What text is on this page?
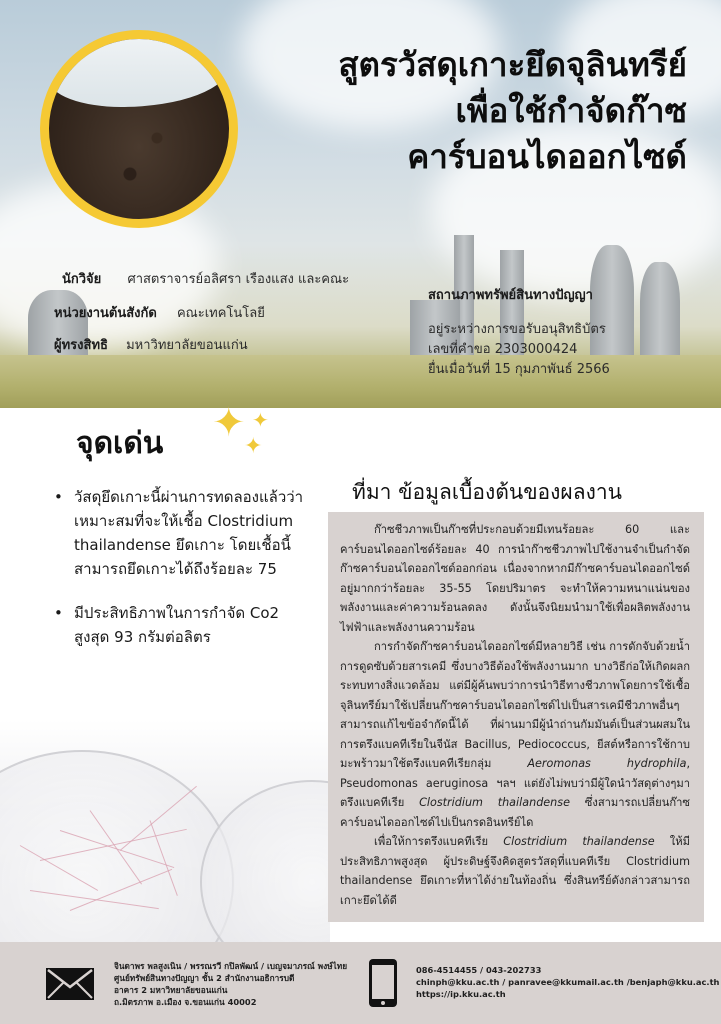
สูตรวัสดุเกาะยึดจุลินทรีย์
เพื่อใช้กำจัดก๊าซ
คาร์บอนไดออกไซด์
นักวิจัย ศาสตราจารย์อลิศรา เรืองแสง และคณะ
หน่วยงานต้นสังกัด คณะเทคโนโลยี
ผู้ทรงสิทธิ มหาวิทยาลัยขอนแก่น
สถานภาพทรัพย์สินทางปัญญา
อยู่ระหว่างการขอรับอนุสิทธิบัตร
เลขที่คำขอ 2303000424
ยื่นเมื่อวันที่ 15 กุมภาพันธ์ 2566
จุดเด่น ✦ ✦
✦
• วัสดุยึดเกาะนี้ผ่านการทดลองแล้วว่าเหมาะสมที่จะให้เชื้อ Clostridium thailandense ยึดเกาะ โดยเชื้อนี้สามารถยึดเกาะได้ถึงร้อยละ 75
• มีประสิทธิภาพในการกำจัด Co2 สูงสุด 93 กรัมต่อลิตร
ที่มา ข้อมูลเบื้องต้นของผลงาน

ก๊าซชีวภาพเป็นก๊าซที่ประกอบด้วยมีเทนร้อยละ 60 และคาร์บอนไดออกไซด์ร้อยละ 40 การนำก๊าซชีวภาพไปใช้งานจำเป็นกำจัดก๊าซคาร์บอนไดออกไซด์ออกก่อน เนื่องจากหากมีก๊าซคาร์บอนไดออกไซด์อยู่มากกว่าร้อยละ 35-55 โดยปริมาตร จะทำให้ความหนาแน่นของพลังงานและค่าความร้อนลดลง ดังนั้นจึงนิยมนำมาใช้เพื่อผลิตพลังงานไฟฟ้าและพลังงานความร้อน

การกำจัดก๊าซคาร์บอนไดออกไซด์มีหลายวิธี เช่น การดักจับด้วยน้ำ การดูดซับด้วยสารเคมี ซึ่งบางวิธีต้องใช้พลังงานมาก บางวิธีก่อให้เกิดผลกระทบทางสิ่งแวดล้อม แต่มีผู้ค้นพบว่าการนำวิธีทางชีวภาพโดยการใช้เชื้อจุลินทรีย์มาใช้เปลี่ยนก๊าซคาร์บอนไดออกไซด์ไปเป็นสารเคมีชีวภาพอื่นๆ สามารถแก้ไขข้อจำกัดนี้ได้ ที่ผ่านมามีผู้นำถ่านกัมมันต์เป็นส่วนผสมในการตรึงแบคทีเรียในจีนัส Bacillus, Pediococcus, ยีสต์หรือการใช้กาบมะพร้าวมาใช้ตรึงแบคทีเรียกลุ่ม Aeromonas hydrophila, Pseudomonas aeruginosa ฯลฯ แต่ยังไม่พบว่ามีผู้ใดนำวัสดุต่างๆมาตรึงแบคทีเรีย Clostridium thailandense ซึ่งสามารถเปลี่ยนก๊าซคาร์บอนไดออกไซด์ไปเป็นกรดอินทรีย์ได

เพื่อให้การตรึงแบคทีเรีย Clostridium thailandense ให้มีประสิทธิภาพสูงสุด ผู้ประดิษฐ์จึงคิดสูตรวัสดุที่แบคทีเรีย Clostridium thailandense ยึดเกาะที่หาได้ง่ายในท้องถิ่น ซึ่งสินทรีย์ดังกล่าวสามารถเกาะยึดได้ดี

จินดาพร พลสูงเนิน / พรรณรวี กปิลพัฒน์ / เบญจมาภรณ์ พงษ์ไทย
ศูนย์ทรัพย์สินทางปัญญา ชั้น 2 สำนักงานอธิการบดี
อาคาร 2 มหาวิทยาลัยขอนแก่น
ถ.มิตรภาพ อ.เมือง จ.ขอนแก่น 40002
086-4514455 / 043-202733
chinph@kku.ac.th / panravee@kkumail.ac.th /benjaph@kku.ac.th
https://ip.kku.ac.th
